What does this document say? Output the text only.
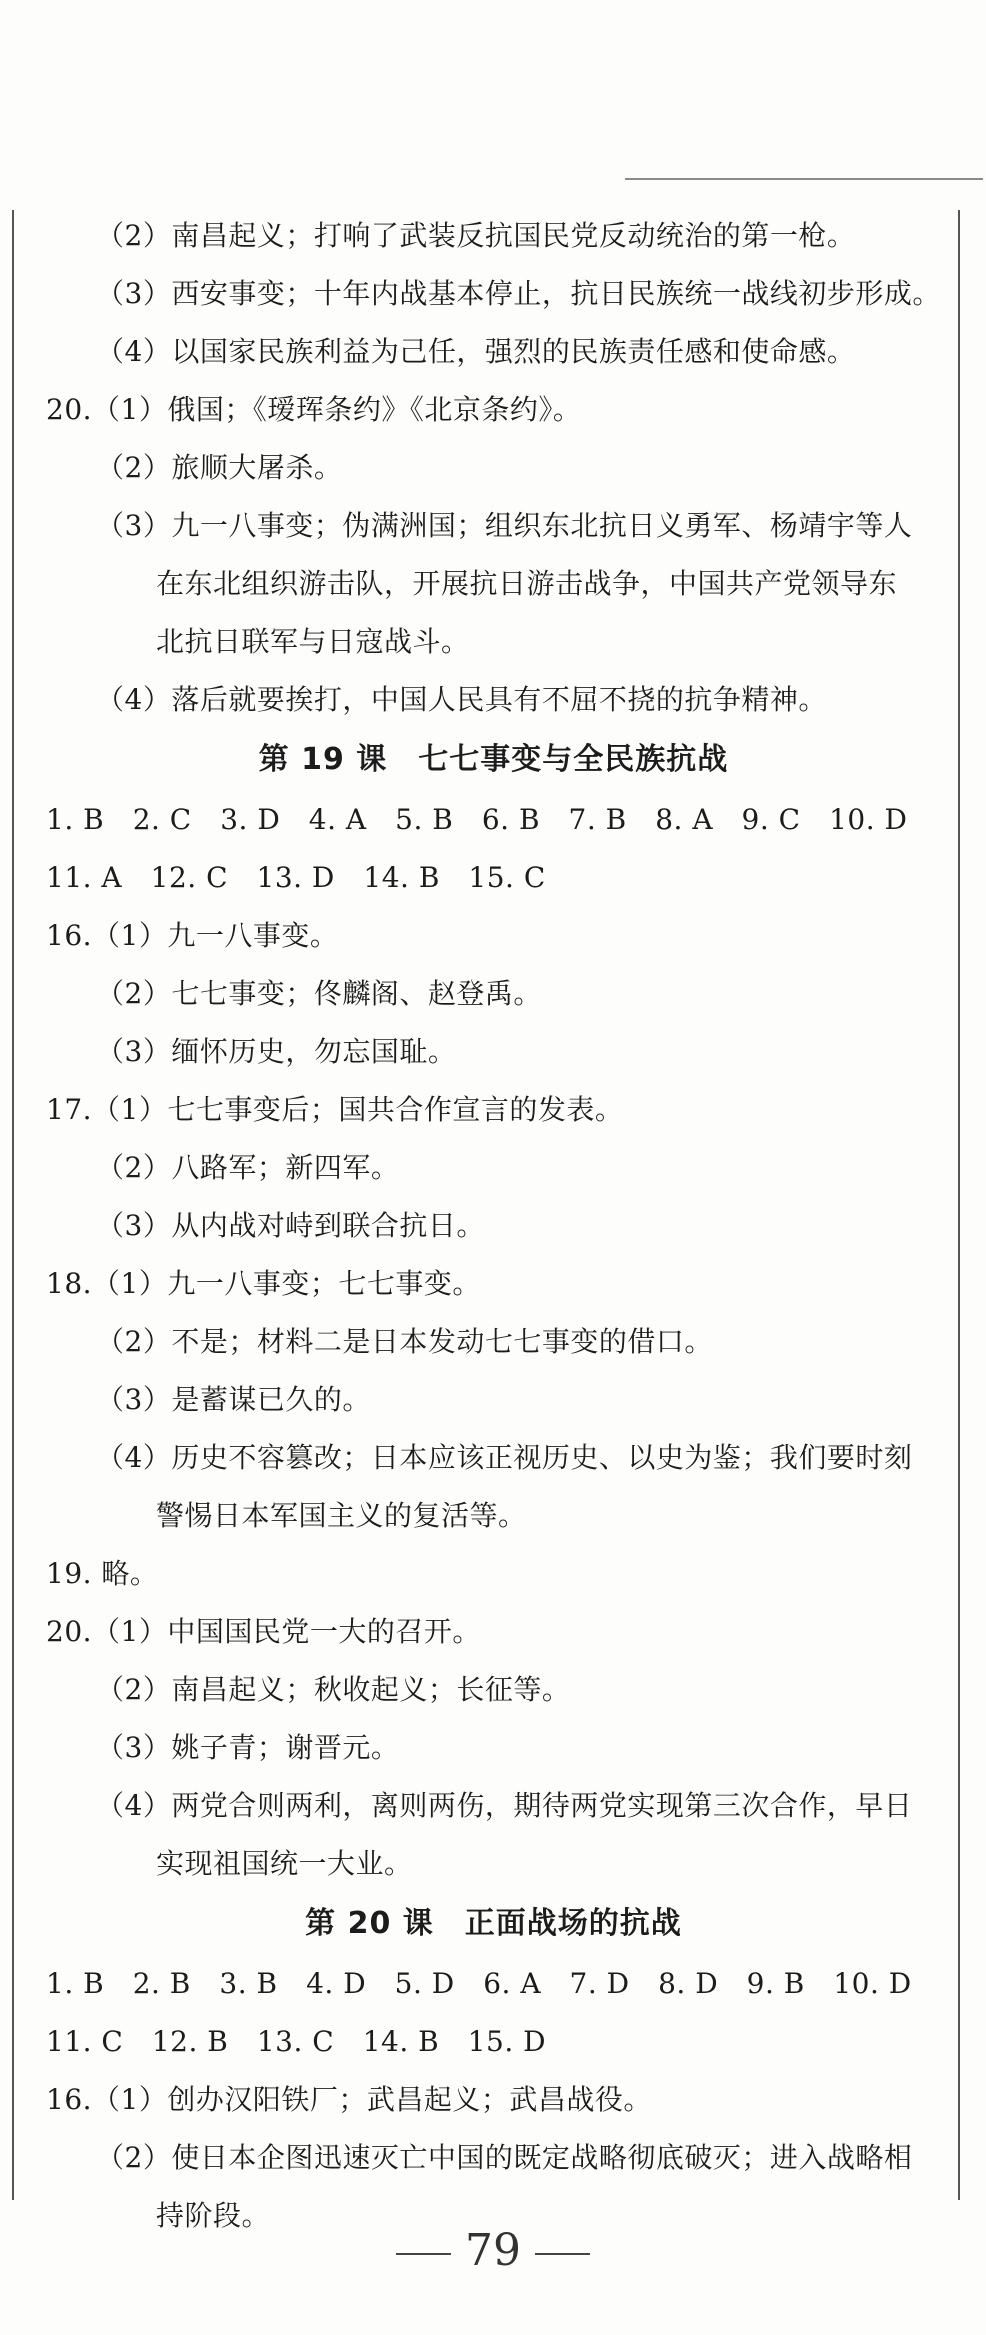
（2）南昌起义；打响了武装反抗国民党反动统治的第一枪。
（3）西安事变；十年内战基本停止，抗日民族统一战线初步形成。
（4）以国家民族利益为己任，强烈的民族责任感和使命感。
20.（1）俄国；《瑷珲条约》《北京条约》。
（2）旅顺大屠杀。
（3）九一八事变；伪满洲国；组织东北抗日义勇军、杨靖宇等人
在东北组织游击队，开展抗日游击战争，中国共产党领导东
北抗日联军与日寇战斗。
（4）落后就要挨打，中国人民具有不屈不挠的抗争精神。
第 19 课　七七事变与全民族抗战
1. B　2. C　3. D　4. A　5. B　6. B　7. B　8. A　9. C　10. D
11. A　12. C　13. D　14. B　15. C
16.（1）九一八事变。
（2）七七事变；佟麟阁、赵登禹。
（3）缅怀历史，勿忘国耻。
17.（1）七七事变后；国共合作宣言的发表。
（2）八路军；新四军。
（3）从内战对峙到联合抗日。
18.（1）九一八事变；七七事变。
（2）不是；材料二是日本发动七七事变的借口。
（3）是蓄谋已久的。
（4）历史不容篡改；日本应该正视历史、以史为鉴；我们要时刻
警惕日本军国主义的复活等。
19. 略。
20.（1）中国国民党一大的召开。
（2）南昌起义；秋收起义；长征等。
（3）姚子青；谢晋元。
（4）两党合则两利，离则两伤，期待两党实现第三次合作，早日
实现祖国统一大业。
第 20 课　正面战场的抗战
1. B　2. B　3. B　4. D　5. D　6. A　7. D　8. D　9. B　10. D
11. C　12. B　13. C　14. B　15. D
16.（1）创办汉阳铁厂；武昌起义；武昌战役。
（2）使日本企图迅速灭亡中国的既定战略彻底破灭；进入战略相
持阶段。
79
